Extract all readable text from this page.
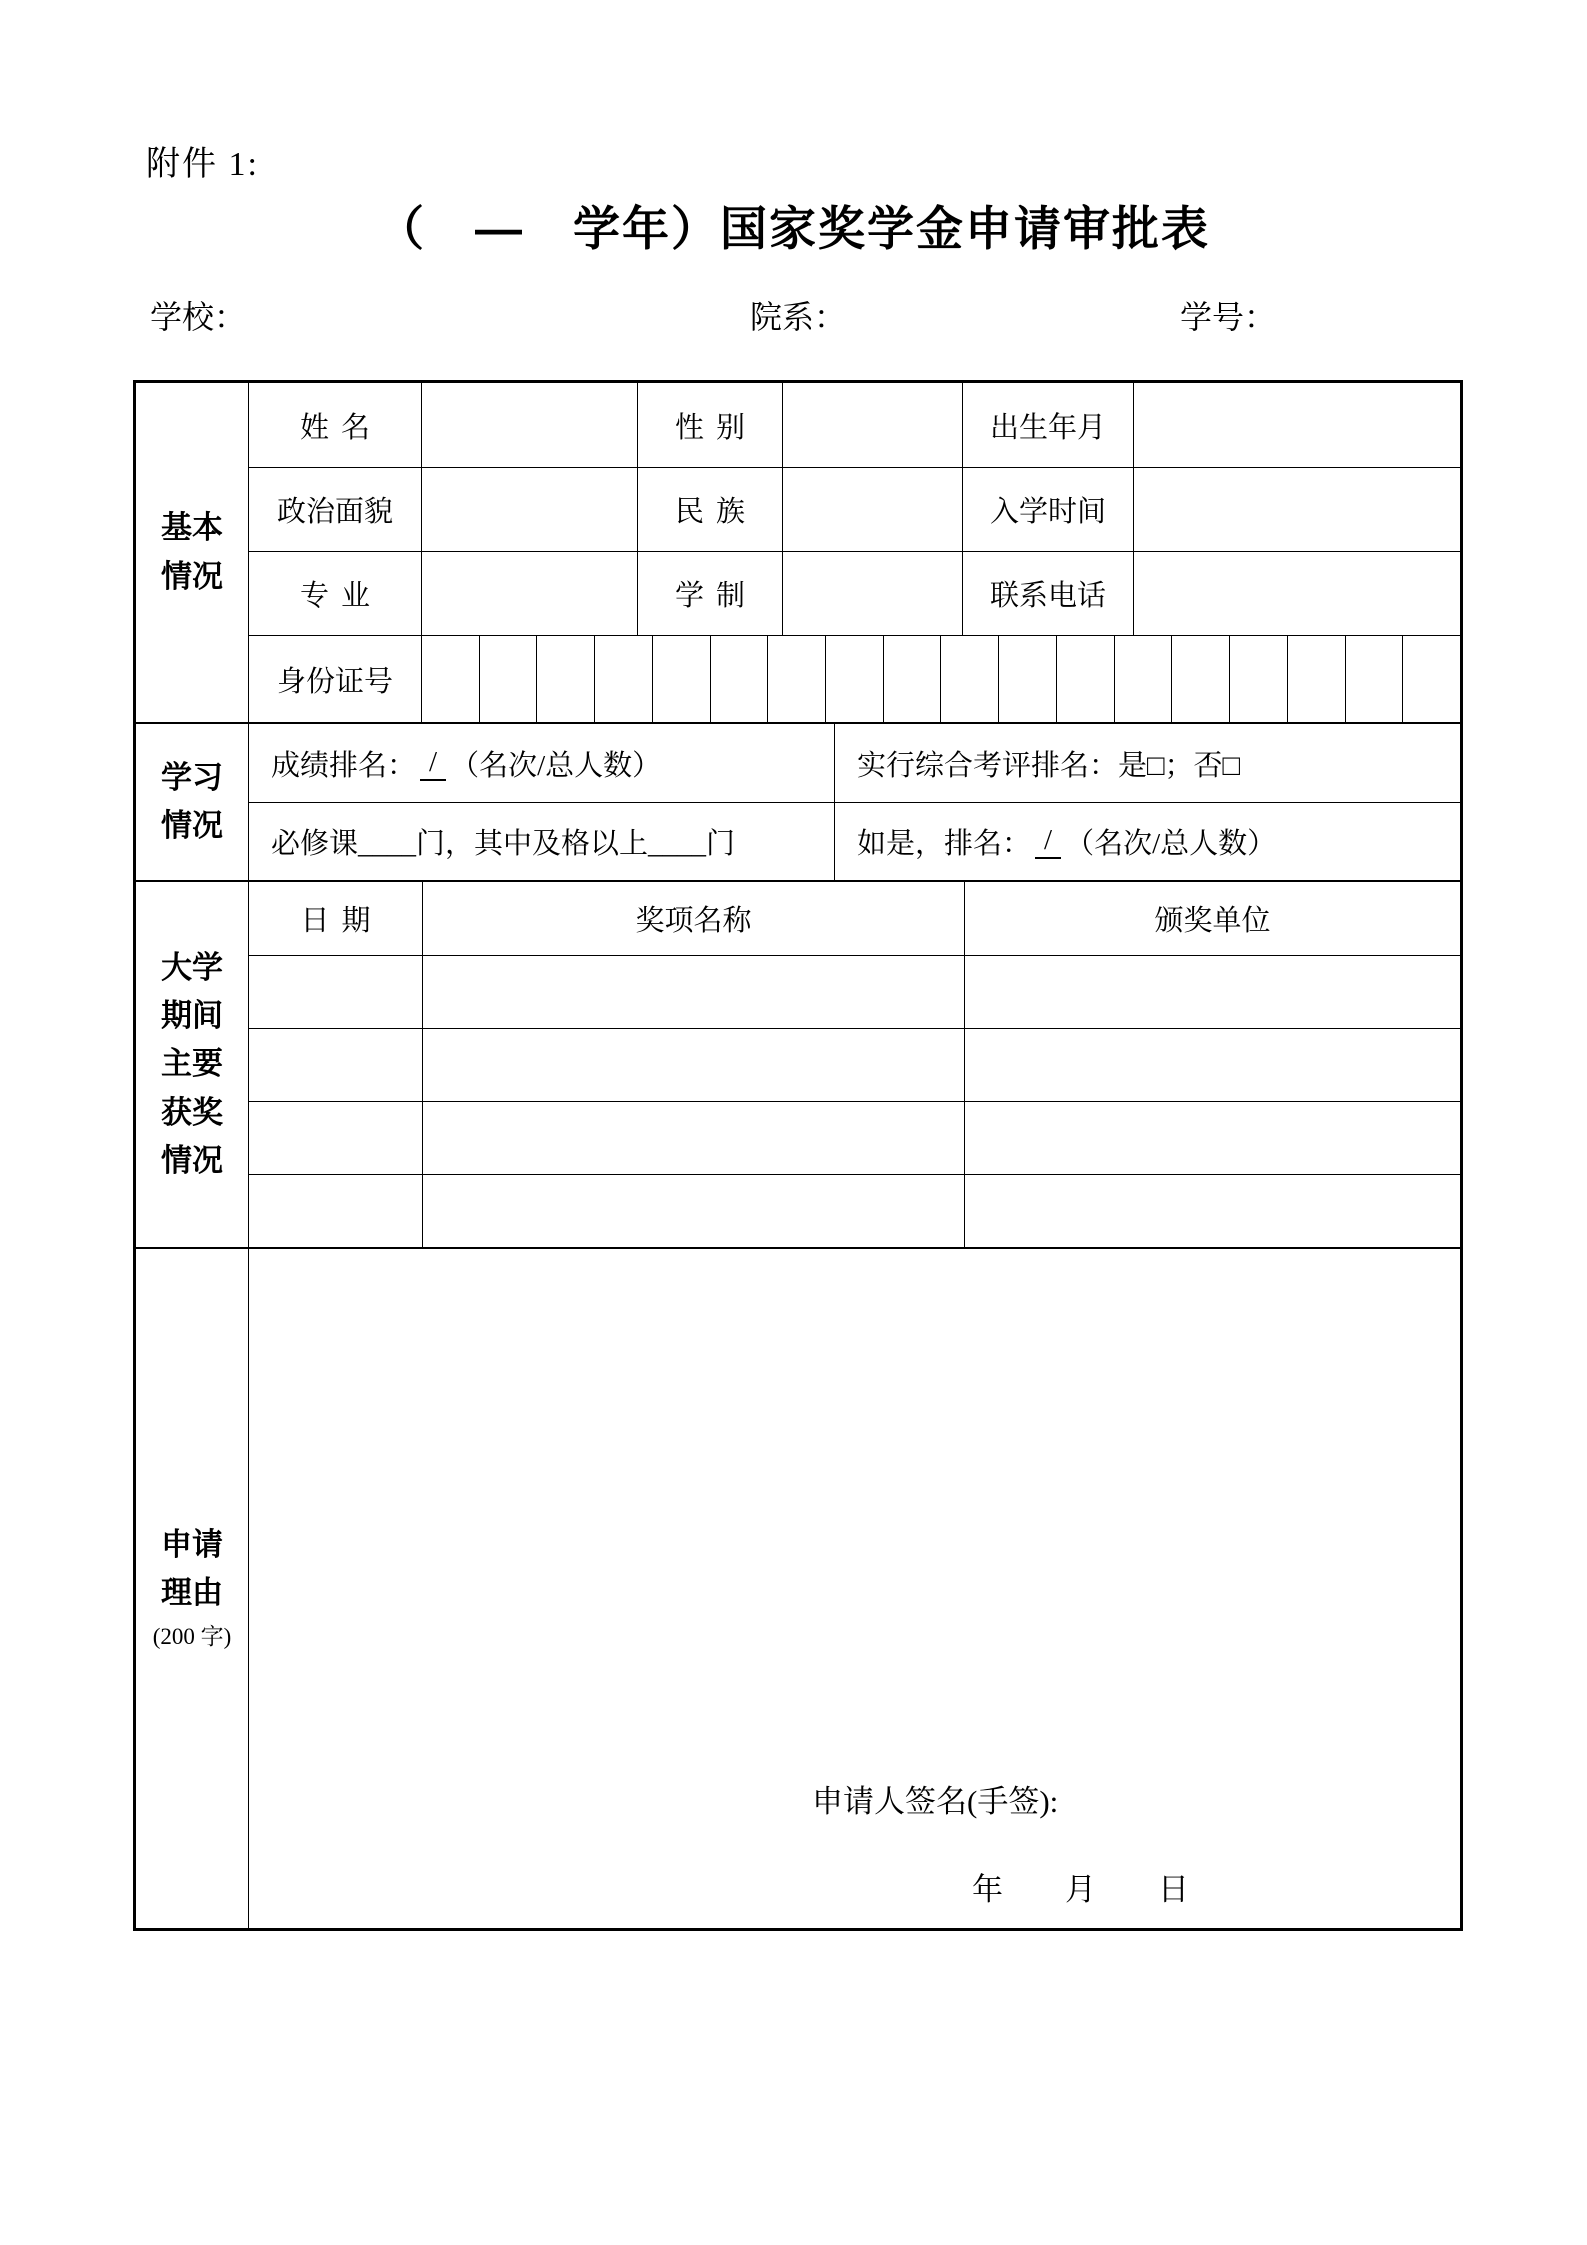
附件 1:
（　—　学年）国家奖学金申请审批表
学校：	院系：	学号：
基本
情况
姓名	性别	出生年月
政治面貌	民族	入学时间
专业	学制	联系电话
身份证号
学习
情况
成绩排名： / （名次/总人数）	实行综合考评排名：是□；否□
必修课____门，其中及格以上____门	如是，排名： / （名次/总人数）
大学
期间
主要
获奖
情况
日期	奖项名称	颁奖单位
申请
理由
(200 字)
申请人签名(手签):
年　　月　　日
